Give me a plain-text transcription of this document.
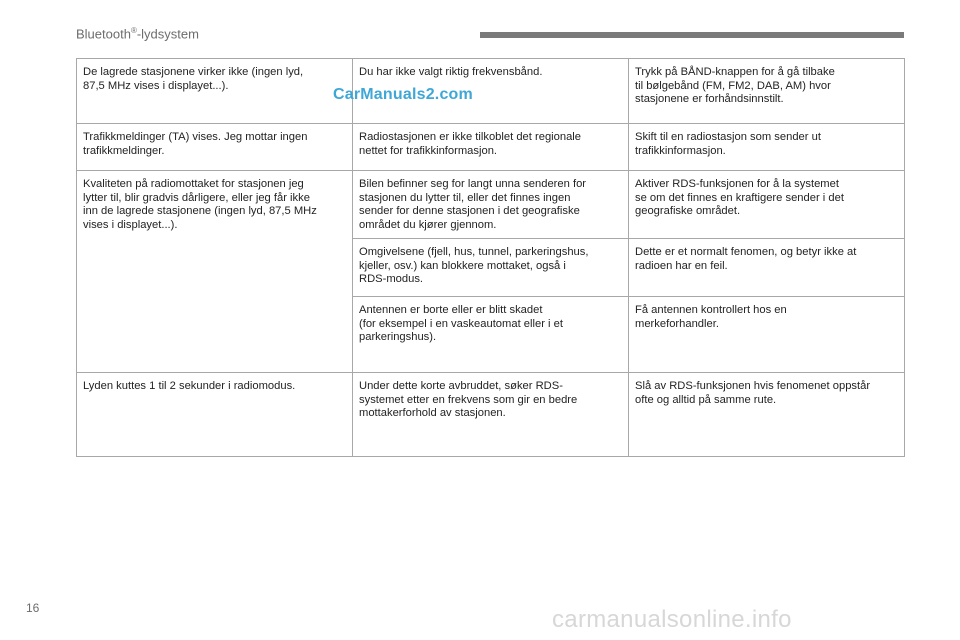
Bluetooth®-lydsystem
De lagrede stasjonene virker ikke (ingen lyd,
87,5 MHz vises i displayet...).	Du har ikke valgt riktig frekvensbånd.	Trykk på BÅND-knappen for å gå tilbake
til bølgebånd (FM, FM2, DAB, AM) hvor
stasjonene er forhåndsinnstilt.
Trafikkmeldinger (TA) vises. Jeg mottar ingen
trafikkmeldinger.	Radiostasjonen er ikke tilkoblet det regionale
nettet for trafikkinformasjon.	Skift til en radiostasjon som sender ut
trafikkinformasjon.
Kvaliteten på radiomottaket for stasjonen jeg
lytter til, blir gradvis dårligere, eller jeg får ikke
inn de lagrede stasjonene (ingen lyd, 87,5 MHz
vises i displayet...).	Bilen befinner seg for langt unna senderen for
stasjonen du lytter til, eller det finnes ingen
sender for denne stasjonen i det geografiske
området du kjører gjennom.	Aktiver RDS-funksjonen for å la systemet
se om det finnes en kraftigere sender i det
geografiske området.
	Omgivelsene (fjell, hus, tunnel, parkeringshus,
kjeller, osv.) kan blokkere mottaket, også i
RDS-modus.	Dette er et normalt fenomen, og betyr ikke at
radioen har en feil.
	Antennen er borte eller er blitt skadet
(for eksempel i en vaskeautomat eller i et
parkeringshus).	Få antennen kontrollert hos en
merkeforhandler.
Lyden kuttes 1 til 2 sekunder i radiomodus.	Under dette korte avbruddet, søker RDS-
systemet etter en frekvens som gir en bedre
mottakerforhold av stasjonen.	Slå av RDS-funksjonen hvis fenomenet oppstår
ofte og alltid på samme rute.
CarManuals2.com
carmanualsonline.info
16
